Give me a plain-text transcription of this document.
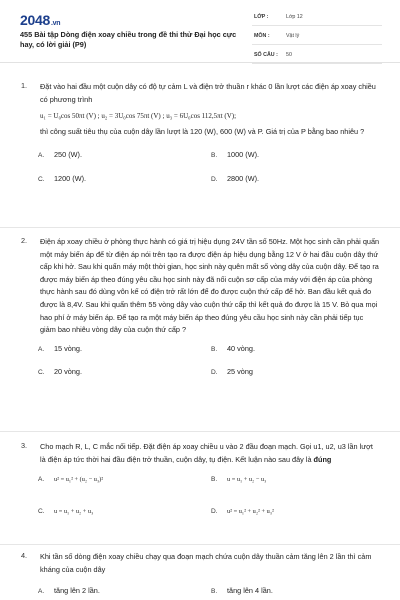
2048.vn
455 Bài tập Dòng điện xoay chiều trong đề thi thử Đại học cực hay, có lời giải (P9)
LỚP :	Lớp 12
MÔN :	Vật lý
SỐ CÂU : 50
1. Đặt vào hai đầu một cuộn dây có độ tự cảm L và điện trở thuần r khác 0 lần lượt các điện áp xoay chiều có phương trình
u₁ = U₀cos 50πt (V) ; u₂ = 3U₀cos 75πt (V) ; u₃ = 6U₀cos 112,5πt (V);
thì công suất tiêu thụ của cuộn dây lần lượt là 120 (W), 600 (W) và P. Giá trị của P bằng bao nhiêu ?
A. 250 (W).	B. 1000 (W).
C. 1200 (W).	D. 2800 (W).
2. Điện áp xoay chiều ở phòng thực hành có giá trị hiệu dụng 24V tần số 50Hz. Một học sinh cần phải quấn một máy biến áp để từ điện áp nói trên tạo ra được điện áp hiệu dụng bằng 12 V ở hai đầu cuộn dây thứ cấp khi hở. Sau khi quấn máy một thời gian, học sinh này quên mất số vòng dây của cuộn dây. Để tạo ra được máy biến áp theo đúng yêu cầu học sinh này đã nối cuộn sơ cấp của máy với điện áp của phòng thực hành sau đó dùng vôn kế có điện trở rất lớn để đo được cuộn thứ cấp để hở. Ban đầu kết quả đo được là 8,4V. Sau khi quấn thêm 55 vòng dây vào cuộn thứ cấp thì kết quả đo được là 15 V. Bỏ qua mọi hao phí ở máy biến áp. Để tạo ra một máy biến áp theo đúng yêu cầu học sinh này cần phải tiếp tục giảm bao nhiêu vòng dây của cuộn thứ cấp ?
A. 15 vòng.	B. 40 vòng.
C. 20 vòng.	D. 25 vòng
3. Cho mạch R, L, C mắc nối tiếp. Đặt điện áp xoay chiều u vào 2 đầu đoạn mạch. Gọi u1, u2, u3 lần lượt là điện áp tức thời hai đầu điện trở thuần, cuộn dây, tụ điện. Kết luận nào sau đây là đúng
A. u² = u₁² + (u₂ − u₃)²	B. u = u₁ + u₂ − u₃
C. u = u₁ + u₂ + u₃	D. u² = u₁² + u₂² + u₃²
4. Khi tần số dòng điện xoay chiều chạy qua đoạn mạch chứa cuộn dây thuần cảm tăng lên 2 lần thì cảm kháng của cuộn dây
A. tăng lên 2 lần.	B. tăng lên 4 lần.
